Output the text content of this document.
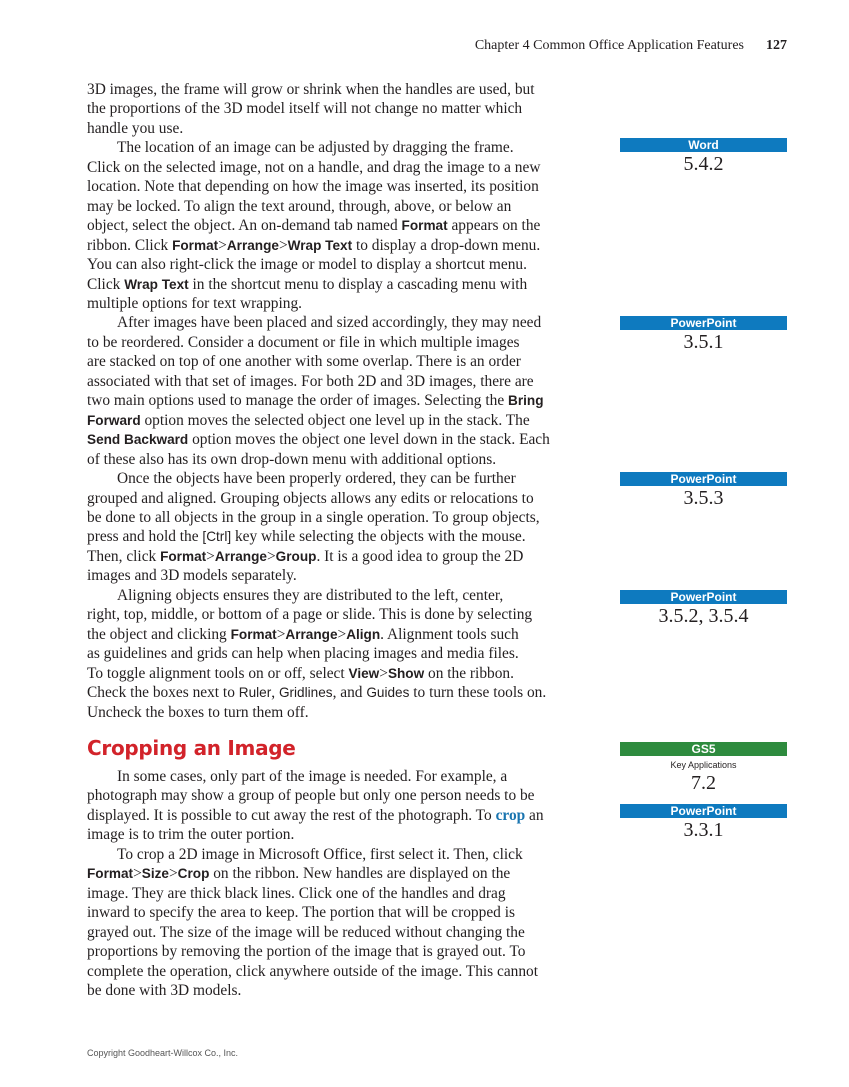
Chapter 4 Common Office Application Features 127
3D images, the frame will grow or shrink when the handles are used, but
the proportions of the 3D model itself will not change no matter which
handle you use.
The location of an image can be adjusted by dragging the frame.
Click on the selected image, not on a handle, and drag the image to a new
location. Note that depending on how the image was inserted, its position
may be locked. To align the text around, through, above, or below an
object, select the object. An on-demand tab named Format appears on the
ribbon. Click Format>Arrange>Wrap Text to display a drop-down menu.
You can also right-click the image or model to display a shortcut menu.
Click Wrap Text in the shortcut menu to display a cascading menu with
multiple options for text wrapping.
After images have been placed and sized accordingly, they may need
to be reordered. Consider a document or file in which multiple images
are stacked on top of one another with some overlap. There is an order
associated with that set of images. For both 2D and 3D images, there are
two main options used to manage the order of images. Selecting the Bring
Forward option moves the selected object one level up in the stack. The
Send Backward option moves the object one level down in the stack. Each
of these also has its own drop-down menu with additional options.
Once the objects have been properly ordered, they can be further
grouped and aligned. Grouping objects allows any edits or relocations to
be done to all objects in the group in a single operation. To group objects,
press and hold the [Ctrl] key while selecting the objects with the mouse.
Then, click Format>Arrange>Group. It is a good idea to group the 2D
images and 3D models separately.
Aligning objects ensures they are distributed to the left, center,
right, top, middle, or bottom of a page or slide. This is done by selecting
the object and clicking Format>Arrange>Align. Alignment tools such
as guidelines and grids can help when placing images and media files.
To toggle alignment tools on or off, select View>Show on the ribbon.
Check the boxes next to Ruler, Gridlines, and Guides to turn these tools on.
Uncheck the boxes to turn them off.
Cropping an Image
In some cases, only part of the image is needed. For example, a
photograph may show a group of people but only one person needs to be
displayed. It is possible to cut away the rest of the photograph. To crop an
image is to trim the outer portion.
To crop a 2D image in Microsoft Office, first select it. Then, click
Format>Size>Crop on the ribbon. New handles are displayed on the
image. They are thick black lines. Click one of the handles and drag
inward to specify the area to keep. The portion that will be cropped is
grayed out. The size of the image will be reduced without changing the
proportions by removing the portion of the image that is grayed out. To
complete the operation, click anywhere outside of the image. This cannot
be done with 3D models.
Word
5.4.2
PowerPoint
3.5.1
PowerPoint
3.5.3
PowerPoint
3.5.2, 3.5.4
GS5
Key Applications
7.2
PowerPoint
3.3.1
Copyright Goodheart-Willcox Co., Inc.
